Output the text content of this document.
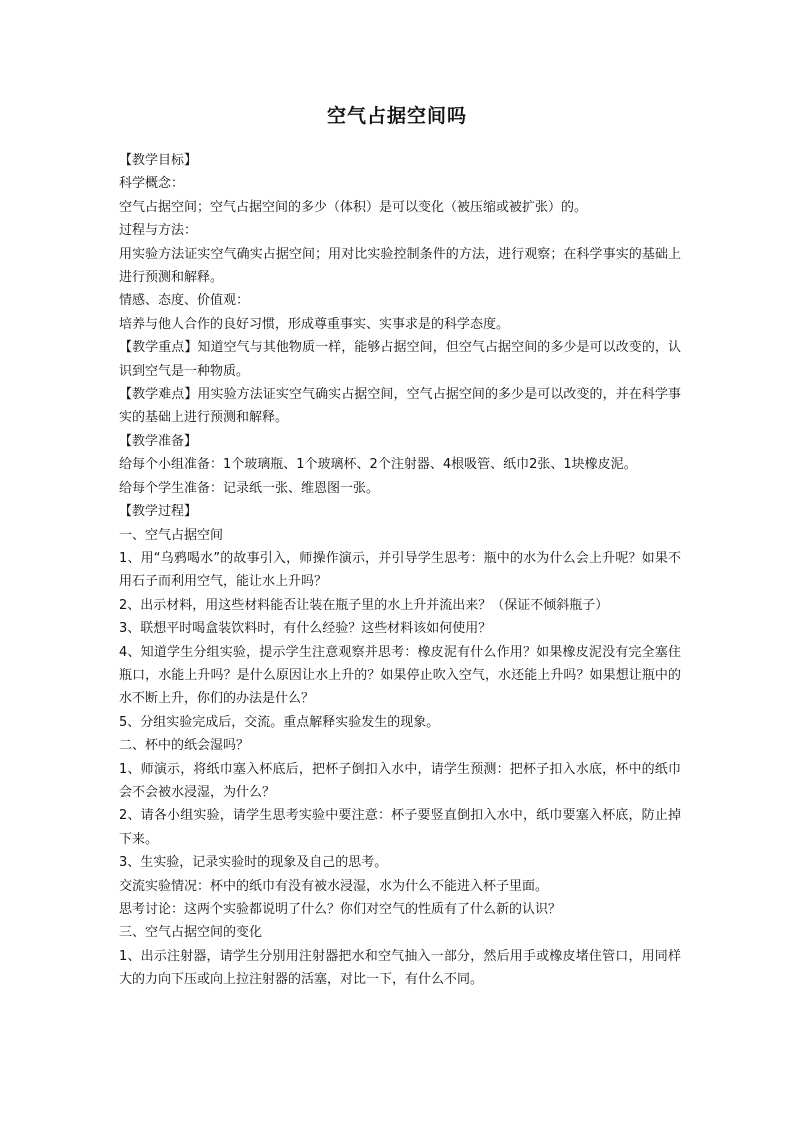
空气占据空间吗

【教学目标】

科学概念：

空气占据空间；空气占据空间的多少（体积）是可以变化（被压缩或被扩张）的。

过程与方法：

用实验方法证实空气确实占据空间；用对比实验控制条件的方法，进行观察；在科学事实的基础上进行预测和解释。

情感、态度、价值观：

培养与他人合作的良好习惯，形成尊重事实、实事求是的科学态度。

【教学重点】知道空气与其他物质一样，能够占据空间，但空气占据空间的多少是可以改变的，认识到空气是一种物质。

【教学难点】用实验方法证实空气确实占据空间，空气占据空间的多少是可以改变的，并在科学事实的基础上进行预测和解释。

【教学准备】

给每个小组准备：1个玻璃瓶、1个玻璃杯、2个注射器、4根吸管、纸巾2张、1块橡皮泥。

给每个学生准备：记录纸一张、维恩图一张。

【教学过程】

一、空气占据空间

1、用“乌鸦喝水”的故事引入，师操作演示，并引导学生思考：瓶中的水为什么会上升呢？如果不用石子而利用空气，能让水上升吗？

2、出示材料，用这些材料能否让装在瓶子里的水上升并流出来？（保证不倾斜瓶子）

3、联想平时喝盒装饮料时，有什么经验？这些材料该如何使用？

4、知道学生分组实验，提示学生注意观察并思考：橡皮泥有什么作用？如果橡皮泥没有完全塞住瓶口，水能上升吗？是什么原因让水上升的？如果停止吹入空气，水还能上升吗？如果想让瓶中的水不断上升，你们的办法是什么？

5、分组实验完成后，交流。重点解释实验发生的现象。

二、杯中的纸会湿吗？

1、师演示，将纸巾塞入杯底后，把杯子倒扣入水中，请学生预测：把杯子扣入水底，杯中的纸巾会不会被水浸湿，为什么？

2、请各小组实验，请学生思考实验中要注意：杯子要竖直倒扣入水中，纸巾要塞入杯底，防止掉下来。

3、生实验，记录实验时的现象及自己的思考。

交流实验情况：杯中的纸巾有没有被水浸湿，水为什么不能进入杯子里面。

思考讨论：这两个实验都说明了什么？你们对空气的性质有了什么新的认识？

三、空气占据空间的变化

1、出示注射器，请学生分别用注射器把水和空气抽入一部分，然后用手或橡皮堵住管口，用同样大的力向下压或向上拉注射器的活塞，对比一下，有什么不同。
